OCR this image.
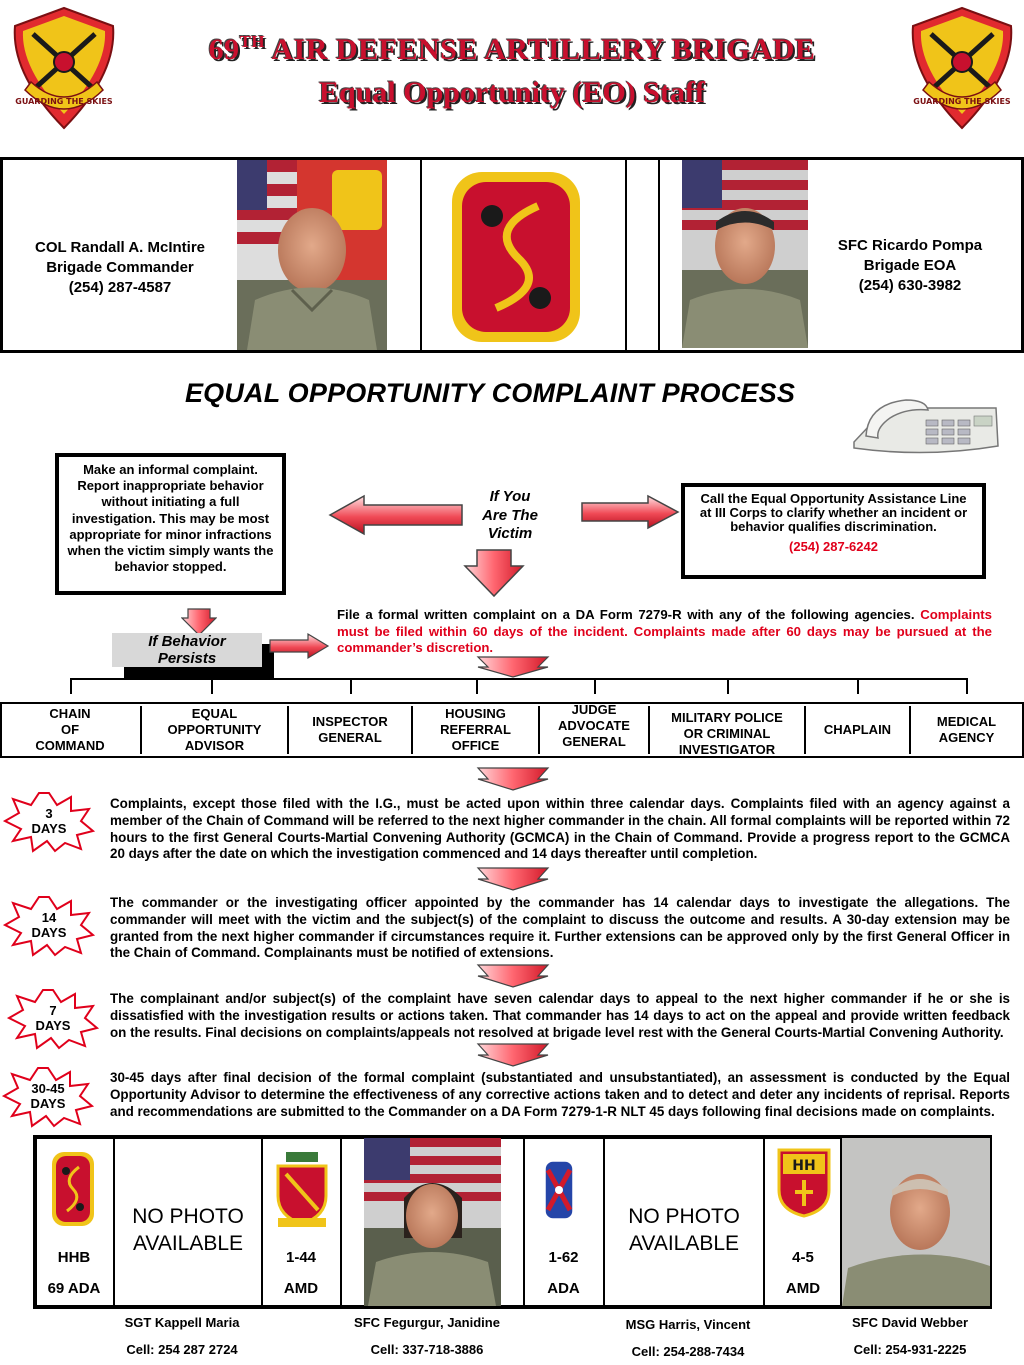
GUARDING THE SKIES	GUARDING THE SKIES
69TH AIR DEFENSE ARTILLERY BRIGADE
Equal Opportunity (EO) Staff
COL Randall A. McIntire
Brigade Commander
(254) 287-4587
SFC Ricardo Pompa
Brigade EOA
(254) 630-3982
EQUAL OPPORTUNITY COMPLAINT PROCESS
Make an informal complaint. Report inappropriate behavior without initiating a full investigation. This may be most appropriate for minor infractions when the victim simply wants the behavior stopped.
If You
Are The
Victim
Call the Equal Opportunity Assistance Line at III Corps to clarify whether an incident or behavior qualifies discrimination.
(254) 287-6242
If Behavior
Persists
File a formal written complaint on a DA Form 7279-R with any of the following agencies. Complaints must be filed within 60 days of the incident. Complaints made after 60 days may be pursued at the commander’s discretion.
CHAIN
OF
COMMAND
EQUAL
OPPORTUNITY
ADVISOR
INSPECTOR
GENERAL
HOUSING
REFERRAL
OFFICE
JUDGE
ADVOCATE
GENERAL
MILITARY POLICE
OR CRIMINAL
INVESTIGATOR
CHAPLAIN
MEDICAL
AGENCY
Complaints, except those filed with the I.G., must be acted upon within three calendar days. Complaints filed with an agency against a member of the Chain of Command will be referred to the next higher commander in the chain. All formal complaints will be reported within 72 hours to the first General Courts-Martial Convening Authority (GCMCA) in the Chain of Command. Provide a progress report to the GCMCA 20 days after the date on which the investigation commenced and 14 days thereafter until completion.
The commander or the investigating officer appointed by the commander has 14 calendar days to investigate the allegations. The commander will meet with the victim and the subject(s) of the complaint to discuss the outcome and results. A 30-day extension may be granted from the next higher commander if circumstances require it. Further extensions can be approved only by the first General Officer in the Chain of Command. Complainants must be notified of extensions.
The complainant and/or subject(s) of the complaint have seven calendar days to appeal to the next higher commander if he or she is dissatisfied with the investigation results or actions taken. That commander has 14 days to act on the appeal and provide written feedback on the results. Final decisions on complaints/appeals not resolved at brigade level rest with the General Courts-Martial Convening Authority.
30-45 days after final decision of the formal complaint (substantiated and unsubstantiated), an assessment is conducted by the Equal Opportunity Advisor to determine the effectiveness of any corrective actions taken and to detect and deter any incidents of reprisal. Reports and recommendations are submitted to the Commander on a DA Form 7279-1-R NLT 45 days following final decisions made on complaints.
3
DAYS
14
DAYS
7
DAYS
30-45
DAYS
HHB
69 ADA
NO PHOTO
AVAILABLE
1-44
AMD
1-62
ADA
NO PHOTO
AVAILABLE
HH
4-5
AMD
SGT Kappell Maria
Cell: 254 287 2724
SFC Fegurgur, Janidine
Cell: 337-718-3886
MSG Harris, Vincent
Cell: 254-288-7434
SFC David Webber
Cell: 254-931-2225
